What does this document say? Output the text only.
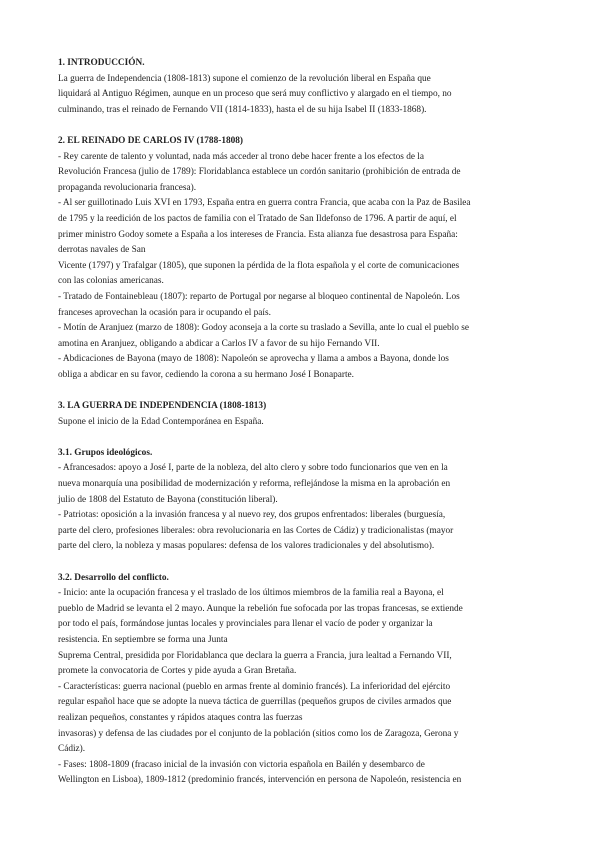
1. INTRODUCCIÓN.

La guerra de Independencia (1808-1813) supone el comienzo de la revolución liberal en España que

liquidará al Antiguo Régimen, aunque en un proceso que será muy conflictivo y alargado en el tiempo, no

culminando, tras el reinado de Fernando VII (1814-1833), hasta el de su hija Isabel II (1833-1868).

2. EL REINADO DE CARLOS IV (1788-1808)

- Rey carente de talento y voluntad, nada más acceder al trono debe hacer frente a los efectos de la

Revolución Francesa (julio de 1789): Floridablanca establece un cordón sanitario (prohibición de entrada de

propaganda revolucionaria francesa).

- Al ser guillotinado Luis XVI en 1793, España entra en guerra contra Francia, que acaba con la Paz de Basilea

de 1795 y la reedición de los pactos de familia con el Tratado de San Ildefonso de 1796. A partir de aquí, el

primer ministro Godoy somete a España a los intereses de Francia. Esta alianza fue desastrosa para España:

derrotas navales de San

Vicente (1797) y Trafalgar (1805), que suponen la pérdida de la flota española y el corte de comunicaciones

con las colonias americanas.

- Tratado de Fontainebleau (1807): reparto de Portugal por negarse al bloqueo continental de Napoleón. Los

franceses aprovechan la ocasión para ir ocupando el país.

- Motín de Aranjuez (marzo de 1808): Godoy aconseja a la corte su traslado a Sevilla, ante lo cual el pueblo se

amotina en Aranjuez, obligando a abdicar a Carlos IV a favor de su hijo Fernando VII.

- Abdicaciones de Bayona (mayo de 1808): Napoleón se aprovecha y llama a ambos a Bayona, donde los

obliga a abdicar en su favor, cediendo la corona a su hermano José I Bonaparte.

3. LA GUERRA DE INDEPENDENCIA (1808-1813)

Supone el inicio de la Edad Contemporánea en España.

3.1. Grupos ideológicos.

- Afrancesados: apoyo a José I, parte de la nobleza, del alto clero y sobre todo funcionarios que ven en la

nueva monarquía una posibilidad de modernización y reforma, reflejándose la misma en la aprobación en

julio de 1808 del Estatuto de Bayona (constitución liberal).

- Patriotas: oposición a la invasión francesa y al nuevo rey, dos grupos enfrentados: liberales (burguesía,

parte del clero, profesiones liberales: obra revolucionaria en las Cortes de Cádiz) y tradicionalistas (mayor

parte del clero, la nobleza y masas populares: defensa de los valores tradicionales y del absolutismo).

3.2. Desarrollo del conflicto.

- Inicio: ante la ocupación francesa y el traslado de los últimos miembros de la familia real a Bayona, el

pueblo de Madrid se levanta el 2 mayo. Aunque la rebelión fue sofocada por las tropas francesas, se extiende

por todo el país, formándose juntas locales y provinciales para llenar el vacío de poder y organizar la

resistencia. En septiembre se forma una Junta

Suprema Central, presidida por Floridablanca que declara la guerra a Francia, jura lealtad a Fernando VII,

promete la convocatoria de Cortes y pide ayuda a Gran Bretaña.

- Características: guerra nacional (pueblo en armas frente al dominio francés). La inferioridad del ejército

regular español hace que se adopte la nueva táctica de guerrillas (pequeños grupos de civiles armados que

realizan pequeños, constantes y rápidos ataques contra las fuerzas

invasoras) y defensa de las ciudades por el conjunto de la población (sitios como los de Zaragoza, Gerona y

Cádiz).

- Fases: 1808-1809 (fracaso inicial de la invasión con victoria española en Bailén y desembarco de

Wellington en Lisboa), 1809-1812 (predominio francés, intervención en persona de Napoleón, resistencia en
